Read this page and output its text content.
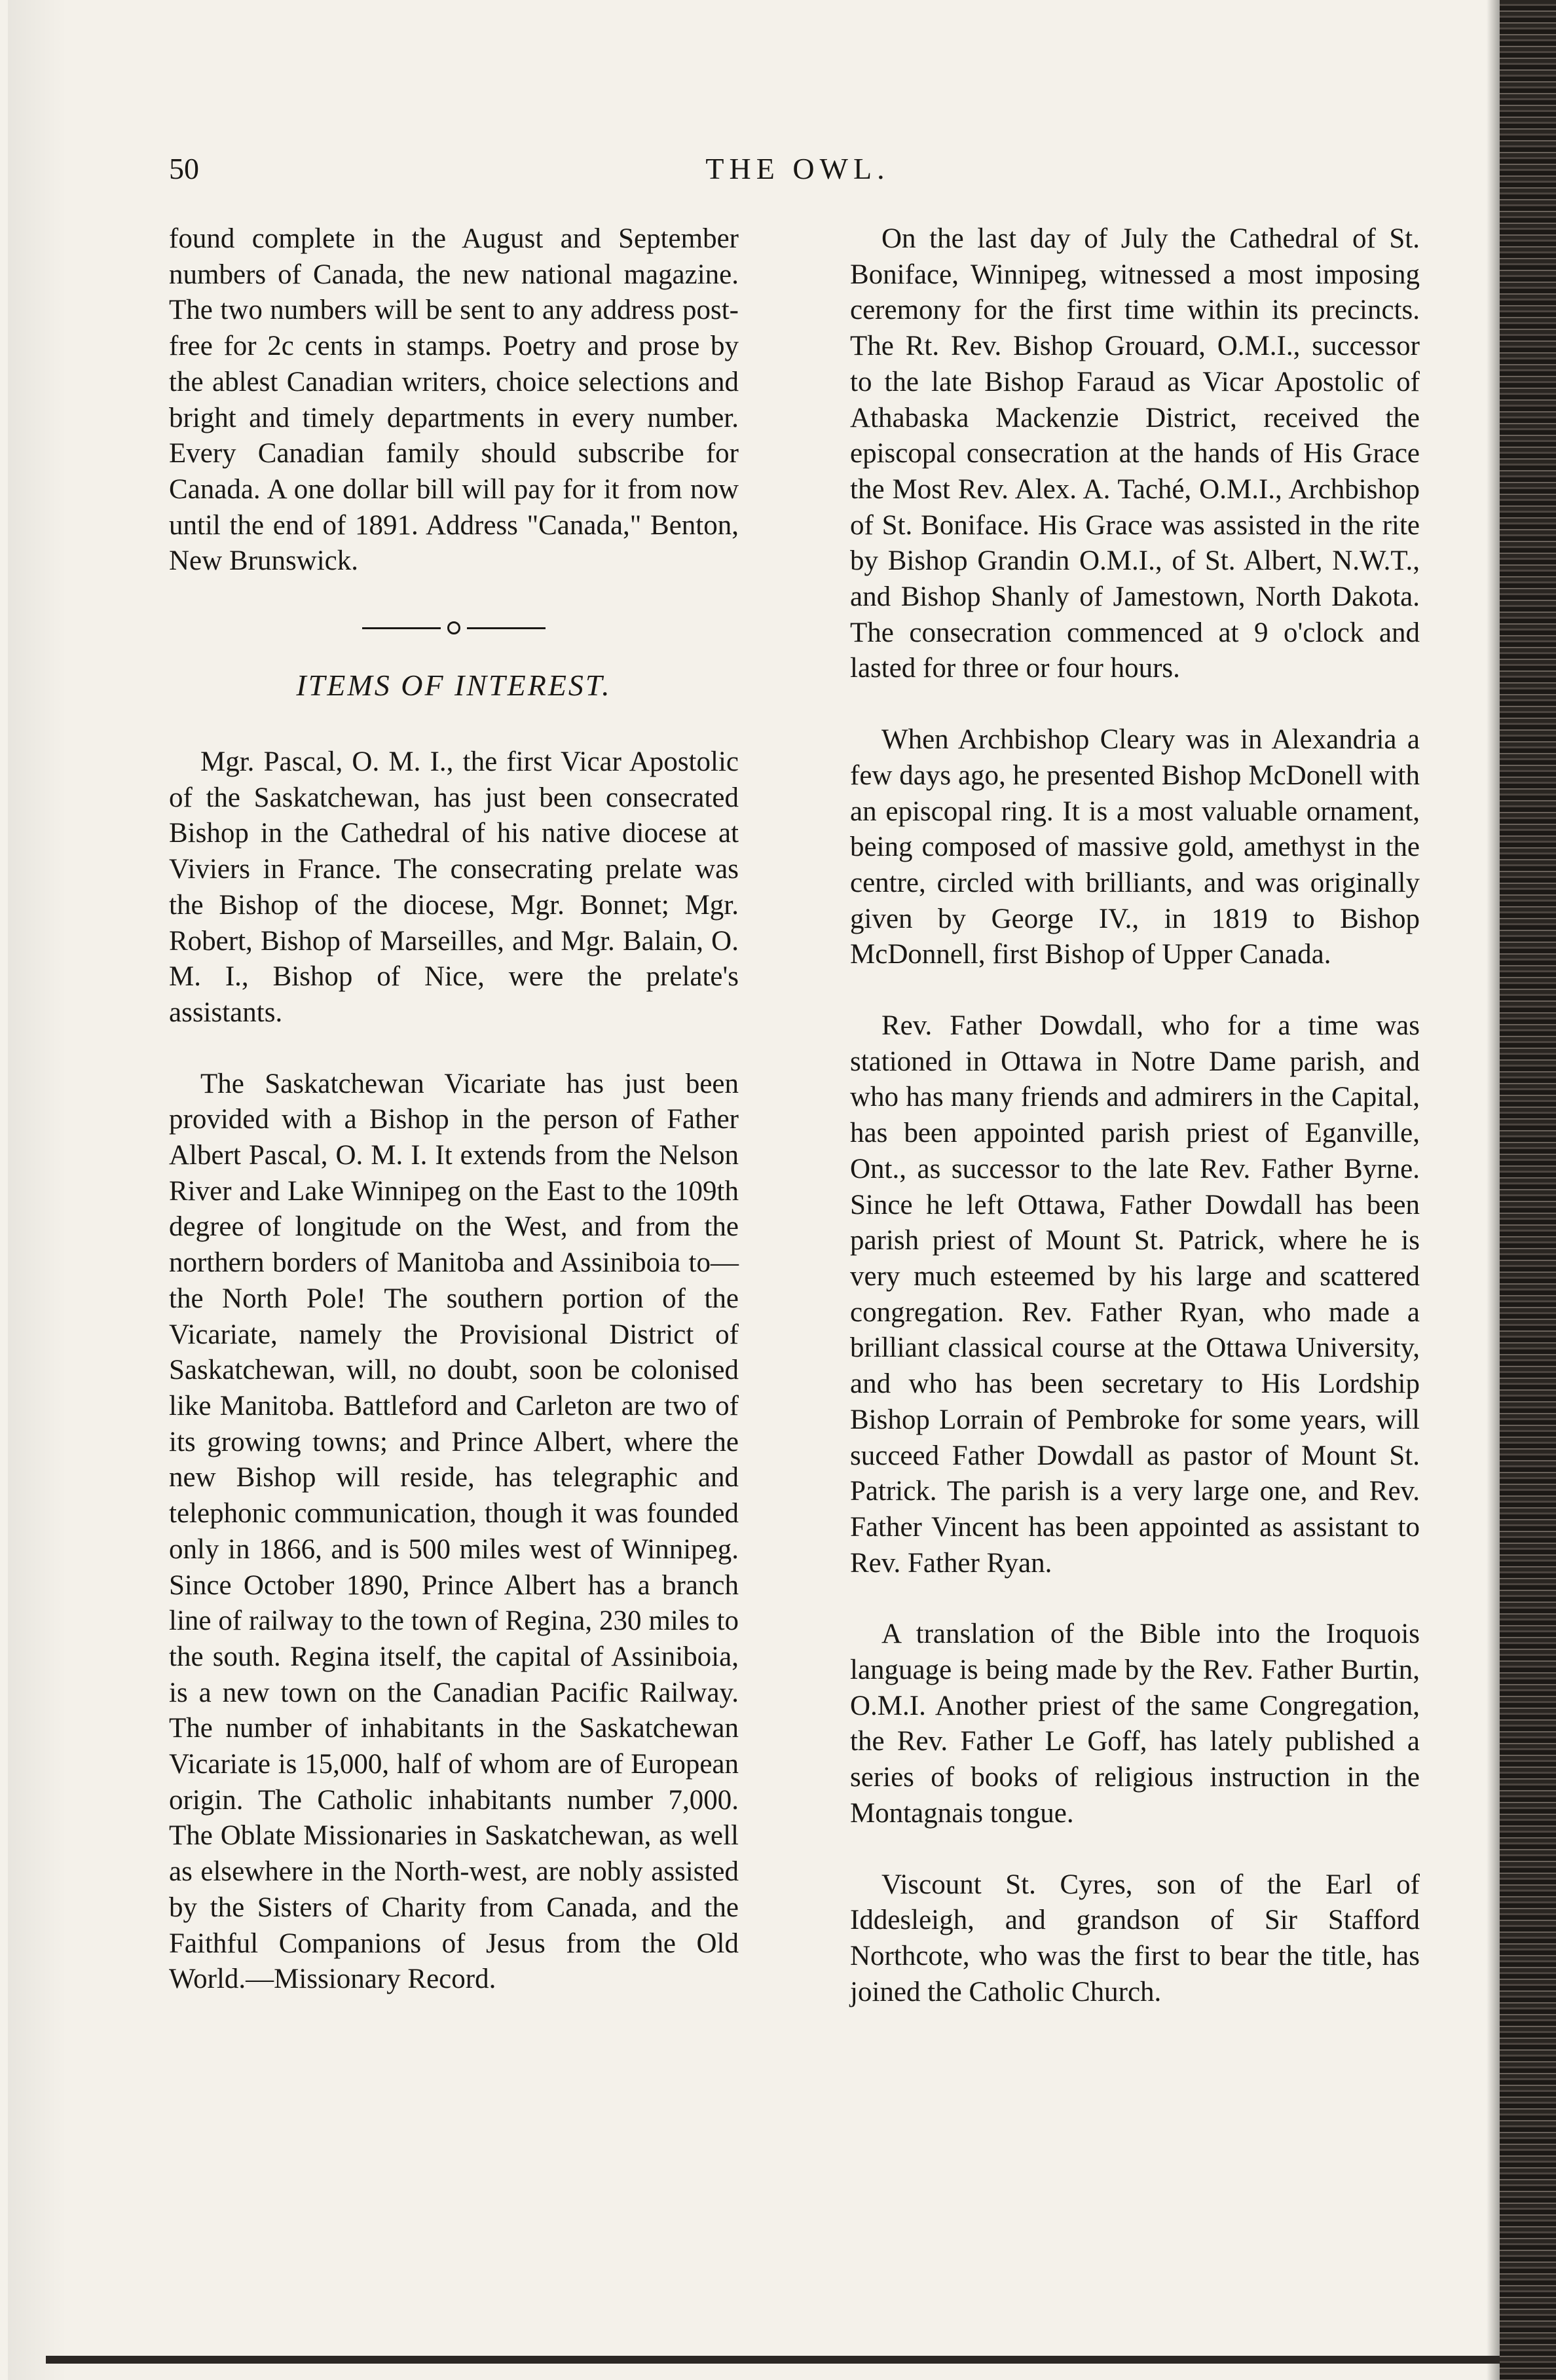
50	THE OWL.

found complete in the August and September numbers of Canada, the new national magazine. The two numbers will be sent to any address post-free for 2c cents in stamps. Poetry and prose by the ablest Canadian writers, choice selections and bright and timely departments in every number. Every Canadian family should subscribe for Canada. A one dollar bill will pay for it from now until the end of 1891. Address "Canada," Benton, New Brunswick.

ITEMS OF INTEREST.

Mgr. Pascal, O. M. I., the first Vicar Apostolic of the Saskatchewan, has just been consecrated Bishop in the Cathedral of his native diocese at Viviers in France. The consecrating prelate was the Bishop of the diocese, Mgr. Bonnet; Mgr. Robert, Bishop of Marseilles, and Mgr. Balain, O. M. I., Bishop of Nice, were the prelate's assistants.

The Saskatchewan Vicariate has just been provided with a Bishop in the person of Father Albert Pascal, O. M. I. It extends from the Nelson River and Lake Winnipeg on the East to the 109th degree of longitude on the West, and from the northern borders of Manitoba and Assiniboia to—the North Pole! The southern portion of the Vicariate, namely the Provisional District of Saskatchewan, will, no doubt, soon be colonised like Manitoba. Battleford and Carleton are two of its growing towns; and Prince Albert, where the new Bishop will reside, has telegraphic and telephonic communication, though it was founded only in 1866, and is 500 miles west of Winnipeg. Since October 1890, Prince Albert has a branch line of railway to the town of Regina, 230 miles to the south. Regina itself, the capital of Assiniboia, is a new town on the Canadian Pacific Railway. The number of inhabitants in the Saskatchewan Vicariate is 15,000, half of whom are of European origin. The Catholic inhabitants number 7,000. The Oblate Missionaries in Saskatchewan, as well as elsewhere in the North-west, are nobly assisted by the Sisters of Charity from Canada, and the Faithful Companions of Jesus from the Old World.—Missionary Record.

On the last day of July the Cathedral of St. Boniface, Winnipeg, witnessed a most imposing ceremony for the first time within its precincts. The Rt. Rev. Bishop Grouard, O.M.I., successor to the late Bishop Faraud as Vicar Apostolic of Athabaska Mackenzie District, received the episcopal consecration at the hands of His Grace the Most Rev. Alex. A. Taché, O.M.I., Archbishop of St. Boniface. His Grace was assisted in the rite by Bishop Grandin O.M.I., of St. Albert, N.W.T., and Bishop Shanly of Jamestown, North Dakota. The consecration commenced at 9 o'clock and lasted for three or four hours.

When Archbishop Cleary was in Alexandria a few days ago, he presented Bishop McDonell with an episcopal ring. It is a most valuable ornament, being composed of massive gold, amethyst in the centre, circled with brilliants, and was originally given by George IV., in 1819 to Bishop McDonnell, first Bishop of Upper Canada.

Rev. Father Dowdall, who for a time was stationed in Ottawa in Notre Dame parish, and who has many friends and admirers in the Capital, has been appointed parish priest of Eganville, Ont., as successor to the late Rev. Father Byrne. Since he left Ottawa, Father Dowdall has been parish priest of Mount St. Patrick, where he is very much esteemed by his large and scattered congregation. Rev. Father Ryan, who made a brilliant classical course at the Ottawa University, and who has been secretary to His Lordship Bishop Lorrain of Pembroke for some years, will succeed Father Dowdall as pastor of Mount St. Patrick. The parish is a very large one, and Rev. Father Vincent has been appointed as assistant to Rev. Father Ryan.

A translation of the Bible into the Iroquois language is being made by the Rev. Father Burtin, O.M.I. Another priest of the same Congregation, the Rev. Father Le Goff, has lately published a series of books of religious instruction in the Montagnais tongue.

Viscount St. Cyres, son of the Earl of Iddesleigh, and grandson of Sir Stafford Northcote, who was the first to bear the title, has joined the Catholic Church.
